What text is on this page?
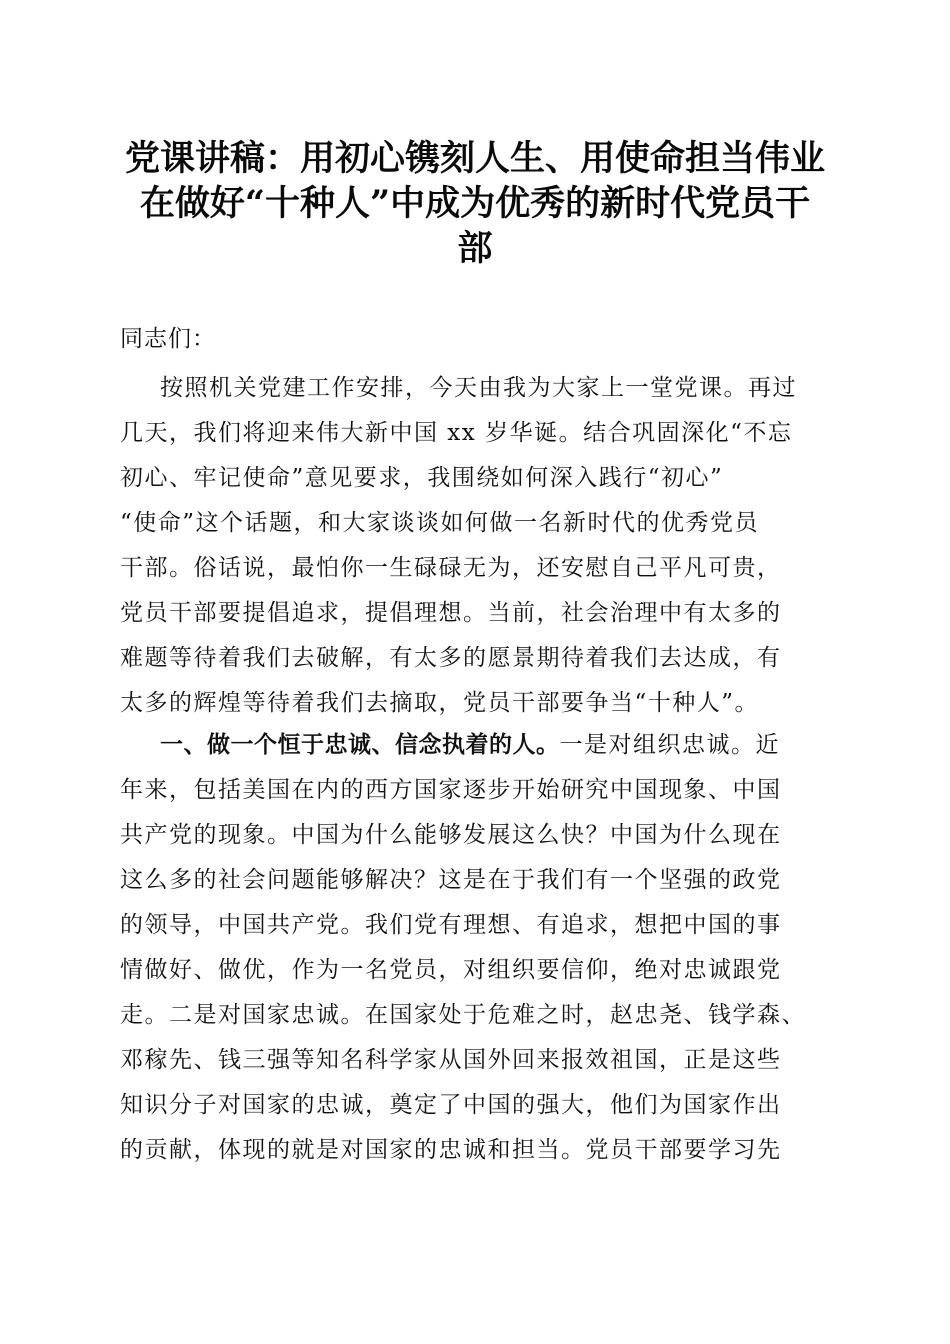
党课讲稿：用初心镌刻人生、用使命担当伟业
在做好“十种人”中成为优秀的新时代党员干
部
同志们：
按照机关党建工作安排，今天由我为大家上一堂党课。再过
几天，我们将迎来伟大新中国 xx 岁华诞。结合巩固深化“不忘
初心、牢记使命”意见要求，我围绕如何深入践行“初心”
“使命”这个话题，和大家谈谈如何做一名新时代的优秀党员
干部。俗话说，最怕你一生碌碌无为，还安慰自己平凡可贵，
党员干部要提倡追求，提倡理想。当前，社会治理中有太多的
难题等待着我们去破解，有太多的愿景期待着我们去达成，有
太多的辉煌等待着我们去摘取，党员干部要争当“十种人”。
一、做一个恒于忠诚、信念执着的人。一是对组织忠诚。近
年来，包括美国在内的西方国家逐步开始研究中国现象、中国
共产党的现象。中国为什么能够发展这么快？中国为什么现在
这么多的社会问题能够解决？这是在于我们有一个坚强的政党
的领导，中国共产党。我们党有理想、有追求，想把中国的事
情做好、做优，作为一名党员，对组织要信仰，绝对忠诚跟党
走。二是对国家忠诚。在国家处于危难之时，赵忠尧、钱学森、
邓稼先、钱三强等知名科学家从国外回来报效祖国，正是这些
知识分子对国家的忠诚，奠定了中国的强大，他们为国家作出
的贡献，体现的就是对国家的忠诚和担当。党员干部要学习先
